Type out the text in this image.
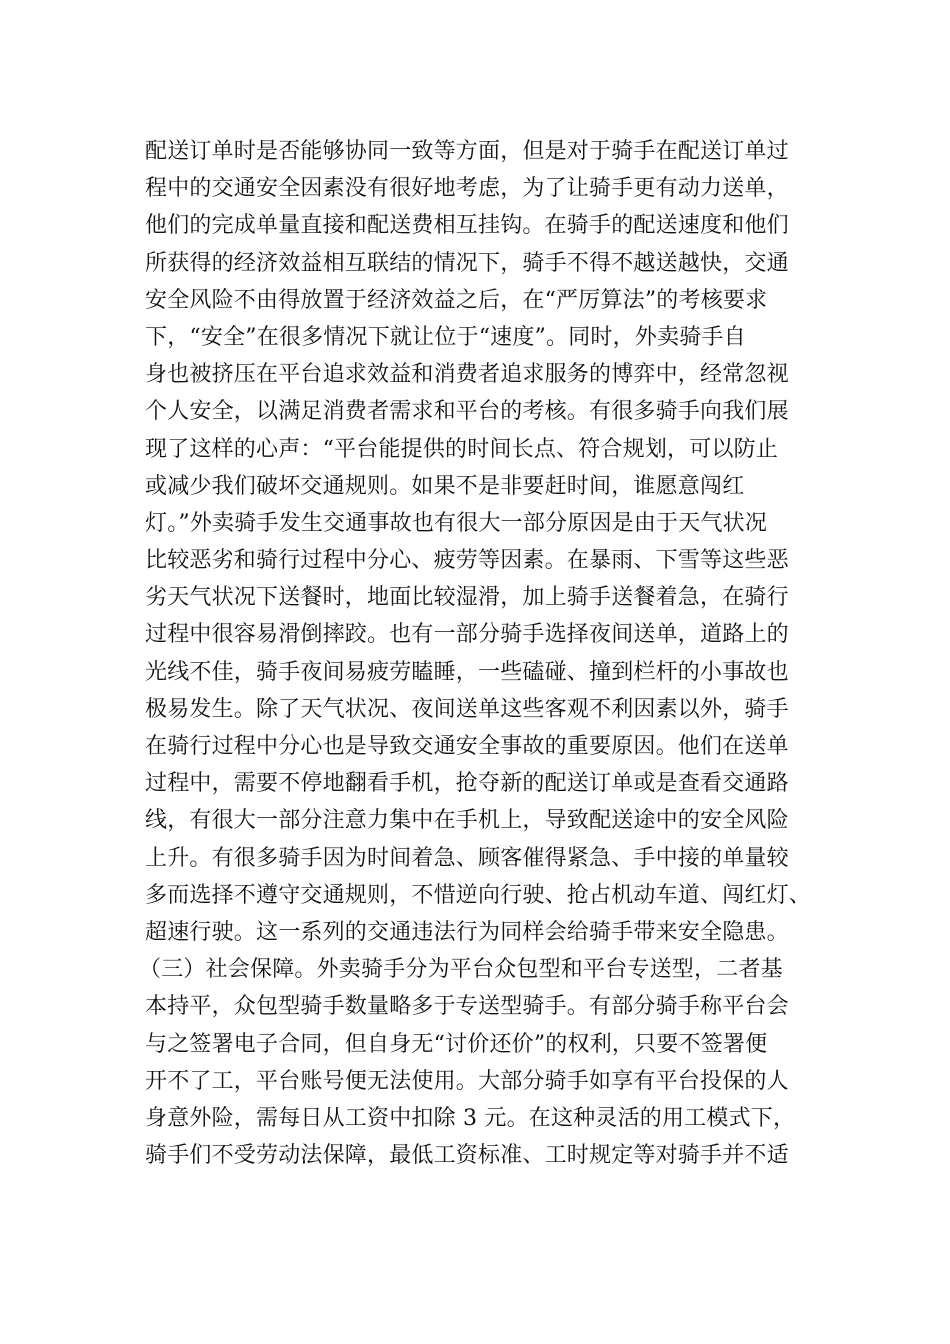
配送订单时是否能够协同一致等方面，但是对于骑手在配送订单过
程中的交通安全因素没有很好地考虑，为了让骑手更有动力送单，
他们的完成单量直接和配送费相互挂钩。在骑手的配送速度和他们
所获得的经济效益相互联结的情况下，骑手不得不越送越快，交通
安全风险不由得放置于经济效益之后，在“严厉算法”的考核要求
下，“安全”在很多情况下就让位于“速度”。同时，外卖骑手自
身也被挤压在平台追求效益和消费者追求服务的博弈中，经常忽视
个人安全，以满足消费者需求和平台的考核。有很多骑手向我们展
现了这样的心声：“平台能提供的时间长点、符合规划，可以防止
或减少我们破坏交通规则。如果不是非要赶时间，谁愿意闯红
灯。”外卖骑手发生交通事故也有很大一部分原因是由于天气状况
比较恶劣和骑行过程中分心、疲劳等因素。在暴雨、下雪等这些恶
劣天气状况下送餐时，地面比较湿滑，加上骑手送餐着急，在骑行
过程中很容易滑倒摔跤。也有一部分骑手选择夜间送单，道路上的
光线不佳，骑手夜间易疲劳瞌睡，一些磕碰、撞到栏杆的小事故也
极易发生。除了天气状况、夜间送单这些客观不利因素以外，骑手
在骑行过程中分心也是导致交通安全事故的重要原因。他们在送单
过程中，需要不停地翻看手机，抢夺新的配送订单或是查看交通路
线，有很大一部分注意力集中在手机上，导致配送途中的安全风险
上升。有很多骑手因为时间着急、顾客催得紧急、手中接的单量较
多而选择不遵守交通规则，不惜逆向行驶、抢占机动车道、闯红灯、
超速行驶。这一系列的交通违法行为同样会给骑手带来安全隐患。
（三）社会保障。外卖骑手分为平台众包型和平台专送型，二者基
本持平，众包型骑手数量略多于专送型骑手。有部分骑手称平台会
与之签署电子合同，但自身无“讨价还价”的权利，只要不签署便
开不了工，平台账号便无法使用。大部分骑手如享有平台投保的人
身意外险，需每日从工资中扣除 3 元。在这种灵活的用工模式下，
骑手们不受劳动法保障，最低工资标准、工时规定等对骑手并不适
